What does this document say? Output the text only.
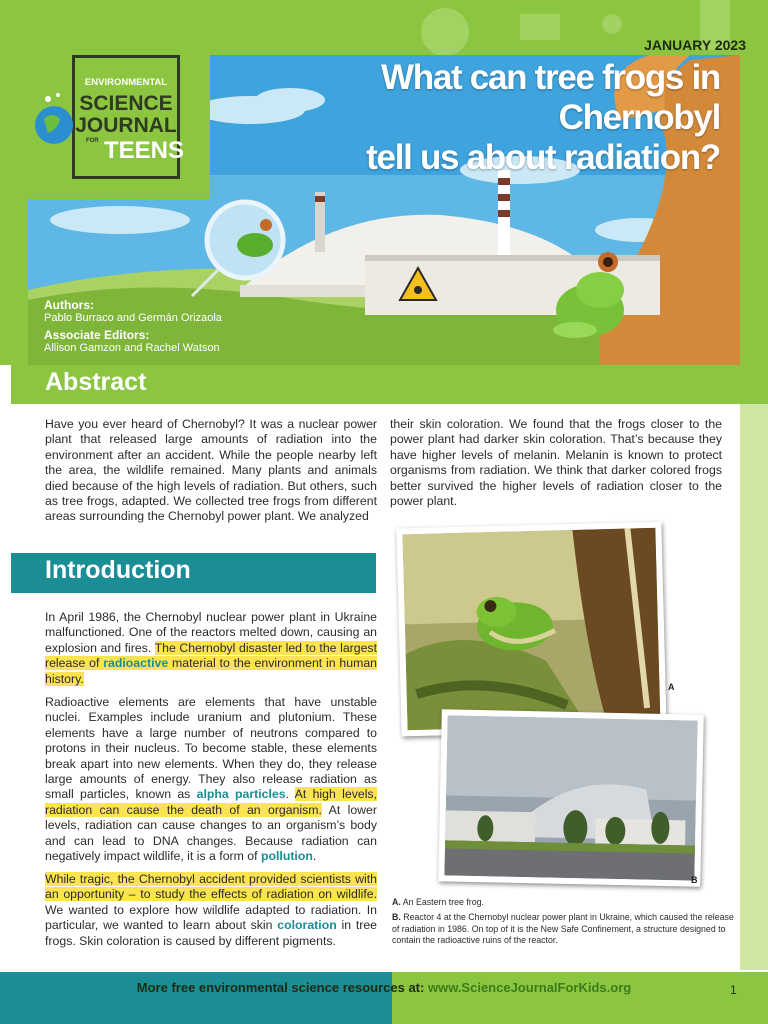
ENVIRONMENTAL
SCIENCE
JOURNAL
FOR TEENS
JANUARY 2023
What can tree frogs in Chernobyl
tell us about radiation?
Authors:
Pablo Burraco and Germán Orizaola
Associate Editors:
Allison Gamzon and Rachel Watson
Abstract

Have you ever heard of Chernobyl? It was a nuclear power plant that released large amounts of radiation into the environment after an accident. While the people nearby left the area, the wildlife remained. Many plants and animals died because of the high levels of radiation. But others, such as tree frogs, adapted. We collected tree frogs from different areas surrounding the Chernobyl power plant. We analyzed

their skin coloration. We found that the frogs closer to the power plant had darker skin coloration. That’s because they have higher levels of melanin. Melanin is known to protect organisms from radiation. We think that darker colored frogs better survived the higher levels of radiation closer to the power plant.

Introduction

In April 1986, the Chernobyl nuclear power plant in Ukraine malfunctioned. One of the reactors melted down, causing an explosion and fires. The Chernobyl disaster led to the largest release of radioactive material to the environment in human history.

Radioactive elements are elements that have unstable nuclei. Examples include uranium and plutonium. These elements have a large number of neutrons compared to protons in their nucleus. To become stable, these elements break apart into new elements. When they do, they release large amounts of energy. They also release radiation as small particles, known as alpha particles. At high levels, radiation can cause the death of an organism. At lower levels, radiation can cause changes to an organism’s body and can lead to DNA changes. Because radiation can negatively impact wildlife, it is a form of pollution.

While tragic, the Chernobyl accident provided scientists with an opportunity – to study the effects of radiation on wildlife. We wanted to explore how wildlife adapted to radiation. In particular, we wanted to learn about skin coloration in tree frogs. Skin coloration is caused by different pigments.

A
B
A. An Eastern tree frog.
B. Reactor 4 at the Chernobyl nuclear power plant in Ukraine, which caused the release of radiation in 1986. On top of it is the New Safe Confinement, a structure designed to contain the radioactive ruins of the reactor.
More free environmental science resources at: www.ScienceJournalForKids.org	1
